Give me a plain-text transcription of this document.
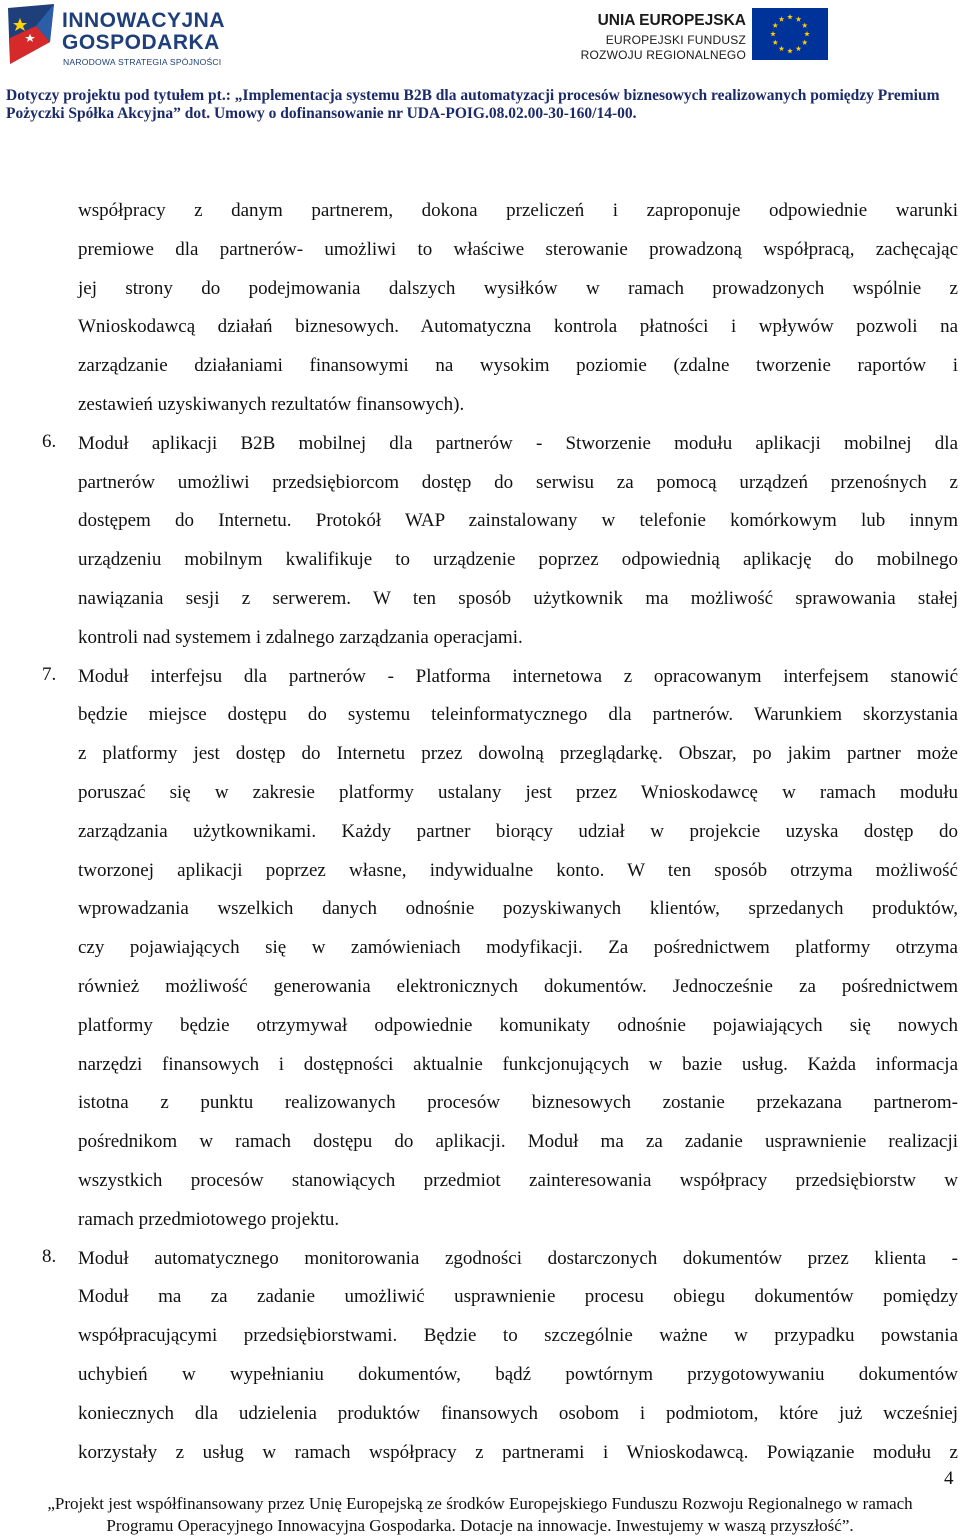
INNOWACYJNA
GOSPODARKA
NARODOWA STRATEGIA SPÓJNOŚCI
UNIA EUROPEJSKA
EUROPEJSKI FUNDUSZ
ROZWOJU REGIONALNEGO
Dotyczy projektu pod tytułem pt.: „Implementacja systemu B2B dla automatyzacji procesów biznesowych realizowanych pomiędzy Premium
Pożyczki Spółka Akcyjna” dot. Umowy o dofinansowanie nr UDA-POIG.08.02.00-30-160/14-00.
współpracy z danym partnerem, dokona przeliczeń i zaproponuje odpowiednie warunki
premiowe dla partnerów- umożliwi to właściwe sterowanie prowadzoną współpracą, zachęcając
jej strony do podejmowania dalszych wysiłków w ramach prowadzonych wspólnie z
Wnioskodawcą działań biznesowych. Automatyczna kontrola płatności i wpływów pozwoli na
zarządzanie działaniami finansowymi na wysokim poziomie (zdalne tworzenie raportów i
zestawień uzyskiwanych rezultatów finansowych).
Moduł aplikacji B2B mobilnej dla partnerów - Stworzenie modułu aplikacji mobilnej dla
partnerów umożliwi przedsiębiorcom dostęp do serwisu za pomocą urządzeń przenośnych z
dostępem do Internetu. Protokół WAP zainstalowany w telefonie komórkowym lub innym
urządzeniu mobilnym kwalifikuje to urządzenie poprzez odpowiednią aplikację do mobilnego
nawiązania sesji z serwerem. W ten sposób użytkownik ma możliwość sprawowania stałej
kontroli nad systemem i zdalnego zarządzania operacjami.
Moduł interfejsu dla partnerów - Platforma internetowa z opracowanym interfejsem stanowić
będzie miejsce dostępu do systemu teleinformatycznego dla partnerów. Warunkiem skorzystania
z platformy jest dostęp do Internetu przez dowolną przeglądarkę. Obszar, po jakim partner może
poruszać się w zakresie platformy ustalany jest przez Wnioskodawcę w ramach modułu
zarządzania użytkownikami. Każdy partner biorący udział w projekcie uzyska dostęp do
tworzonej aplikacji poprzez własne, indywidualne konto. W ten sposób otrzyma możliwość
wprowadzania wszelkich danych odnośnie pozyskiwanych klientów, sprzedanych produktów,
czy pojawiających się w zamówieniach modyfikacji. Za pośrednictwem platformy otrzyma
również możliwość generowania elektronicznych dokumentów. Jednocześnie za pośrednictwem
platformy będzie otrzymywał odpowiednie komunikaty odnośnie pojawiających się nowych
narzędzi finansowych i dostępności aktualnie funkcjonujących w bazie usług. Każda informacja
istotna z punktu realizowanych procesów biznesowych zostanie przekazana partnerom-
pośrednikom w ramach dostępu do aplikacji. Moduł ma za zadanie usprawnienie realizacji
wszystkich procesów stanowiących przedmiot zainteresowania współpracy przedsiębiorstw w
ramach przedmiotowego projektu.
Moduł automatycznego monitorowania zgodności dostarczonych dokumentów przez klienta -
Moduł ma za zadanie umożliwić usprawnienie procesu obiegu dokumentów pomiędzy
współpracującymi przedsiębiorstwami. Będzie to szczególnie ważne w przypadku powstania
uchybień w wypełnianiu dokumentów, bądź powtórnym przygotowywaniu dokumentów
koniecznych dla udzielenia produktów finansowych osobom i podmiotom, które już wcześniej
korzystały z usług w ramach współpracy z partnerami i Wnioskodawcą. Powiązanie modułu z
6.
7.
8.
4
„Projekt jest współfinansowany przez Unię Europejską ze środków Europejskiego Funduszu Rozwoju Regionalnego w ramach
Programu Operacyjnego Innowacyjna Gospodarka. Dotacje na innowacje. Inwestujemy w waszą przyszłość”.
